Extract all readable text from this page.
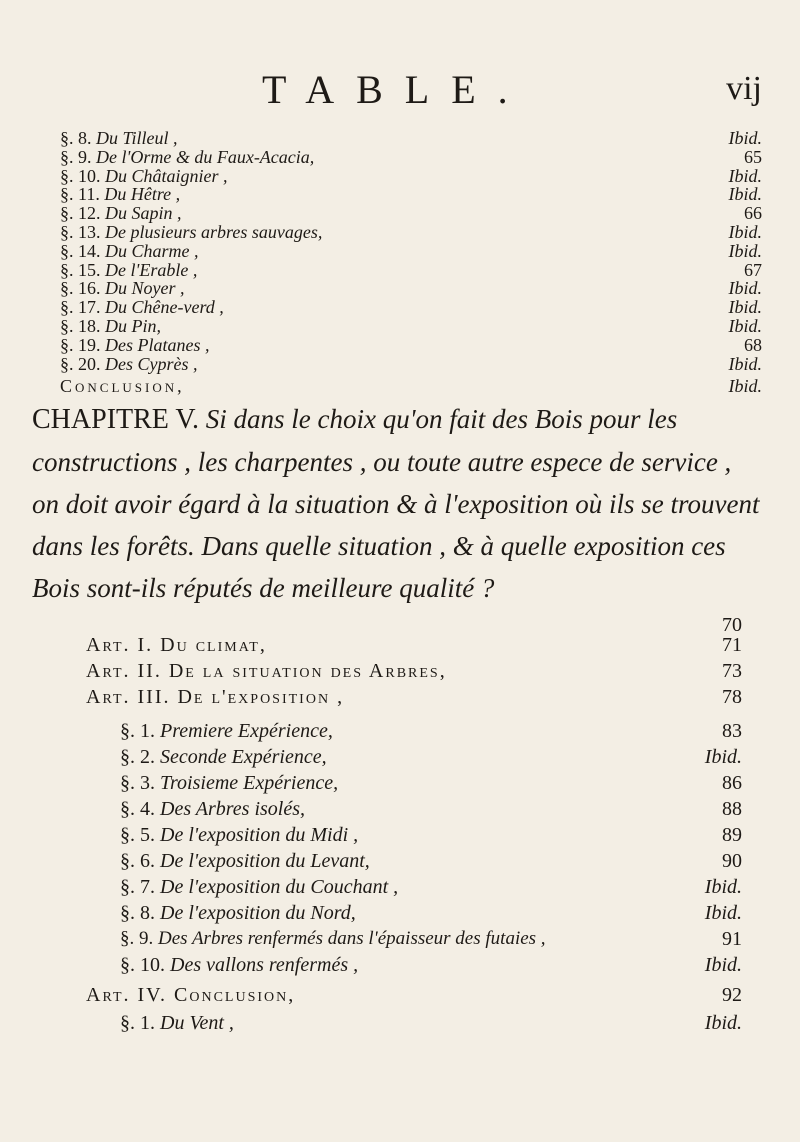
TABLE.	vij
§. 8. Du Tilleul ,	Ibid.
§. 9. De l'Orme & du Faux-Acacia,	65
§. 10. Du Châtaignier ,	Ibid.
§. 11. Du Hêtre ,	Ibid.
§. 12. Du Sapin ,	66
§. 13. De plusieurs arbres sauvages,	Ibid.
§. 14. Du Charme ,	Ibid.
§. 15. De l'Erable ,	67
§. 16. Du Noyer ,	Ibid.
§. 17. Du Chêne-verd ,	Ibid.
§. 18. Du Pin,	Ibid.
§. 19. Des Platanes ,	68
§. 20. Des Cyprès ,	Ibid.
Conclusion,	Ibid.
CHAPITRE V. Si dans le choix qu'on fait des Bois pour les constructions , les charpentes , ou toute autre espece de service , on doit avoir égard à la situation & à l'exposition où ils se trouvent dans les forêts. Dans quelle situation , & à quelle exposition ces Bois sont-ils réputés de meilleure qualité ?
70
Art. I. Du climat,	71
Art. II. De la situation des Arbres,	73
Art. III. De l'exposition ,	78
§. 1. Premiere Expérience,	83
§. 2. Seconde Expérience,	Ibid.
§. 3. Troisieme Expérience,	86
§. 4. Des Arbres isolés,	88
§. 5. De l'exposition du Midi ,	89
§. 6. De l'exposition du Levant,	90
§. 7. De l'exposition du Couchant ,	Ibid.
§. 8. De l'exposition du Nord,	Ibid.
§. 9. Des Arbres renfermés dans l'épaisseur des futaies ,	91
§. 10. Des vallons renfermés ,	Ibid.
Art. IV. Conclusion,	92
§. 1. Du Vent ,	Ibid.
